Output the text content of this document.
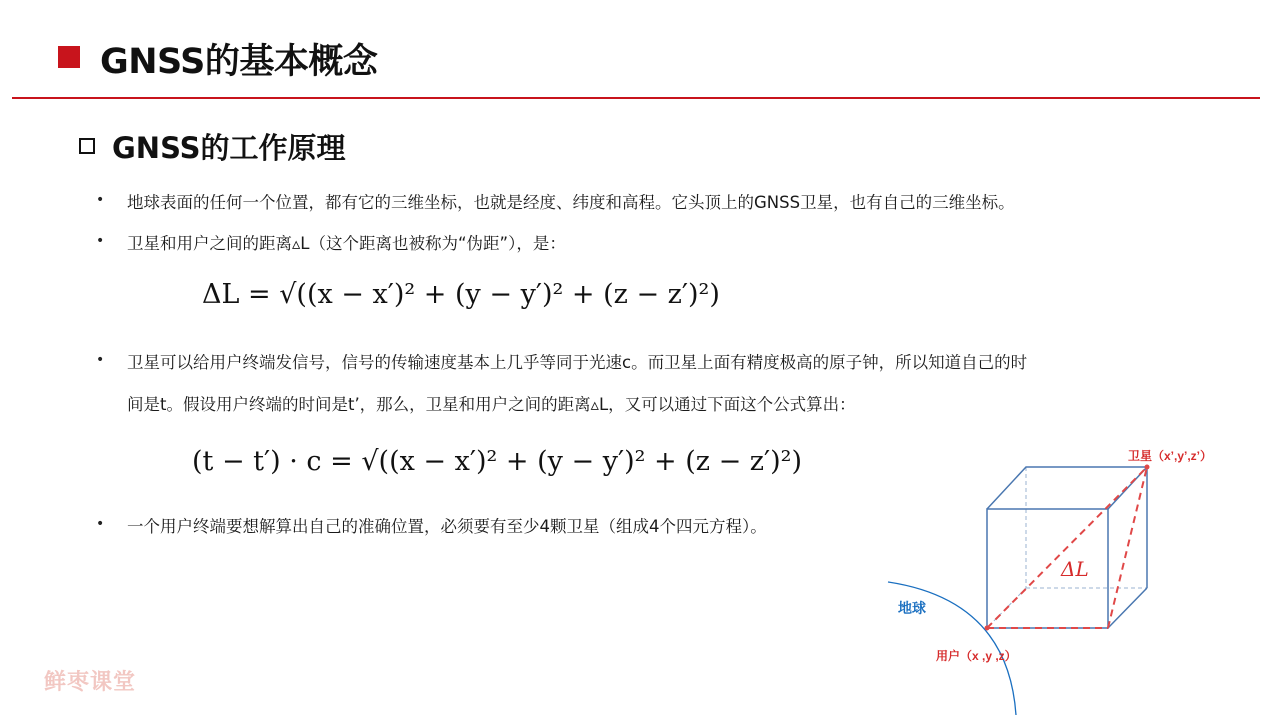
GNSS的基本概念
GNSS的工作原理
• 地球表面的任何一个位置，都有它的三维坐标，也就是经度、纬度和高程。它头顶上的GNSS卫星，也有自己的三维坐标。
• 卫星和用户之间的距离▵L（这个距离也被称为“伪距”），是：
ΔL = √((x − x′)² + (y − y′)² + (z − z′)²)
• 卫星可以给用户终端发信号，信号的传输速度基本上几乎等同于光速c。而卫星上面有精度极高的原子钟，所以知道自己的时
间是t。假设用户终端的时间是t’，那么，卫星和用户之间的距离▵L，又可以通过下面这个公式算出：
(t − t′) · c = √((x − x′)² + (y − y′)² + (z − z′)²)
• 一个用户终端要想解算出自己的准确位置，必须要有至少4颗卫星（组成4个四元方程）。
ΔL
卫星（x’,y’,z’）
地球
用户（x ,y ,z）
鲜枣课堂
